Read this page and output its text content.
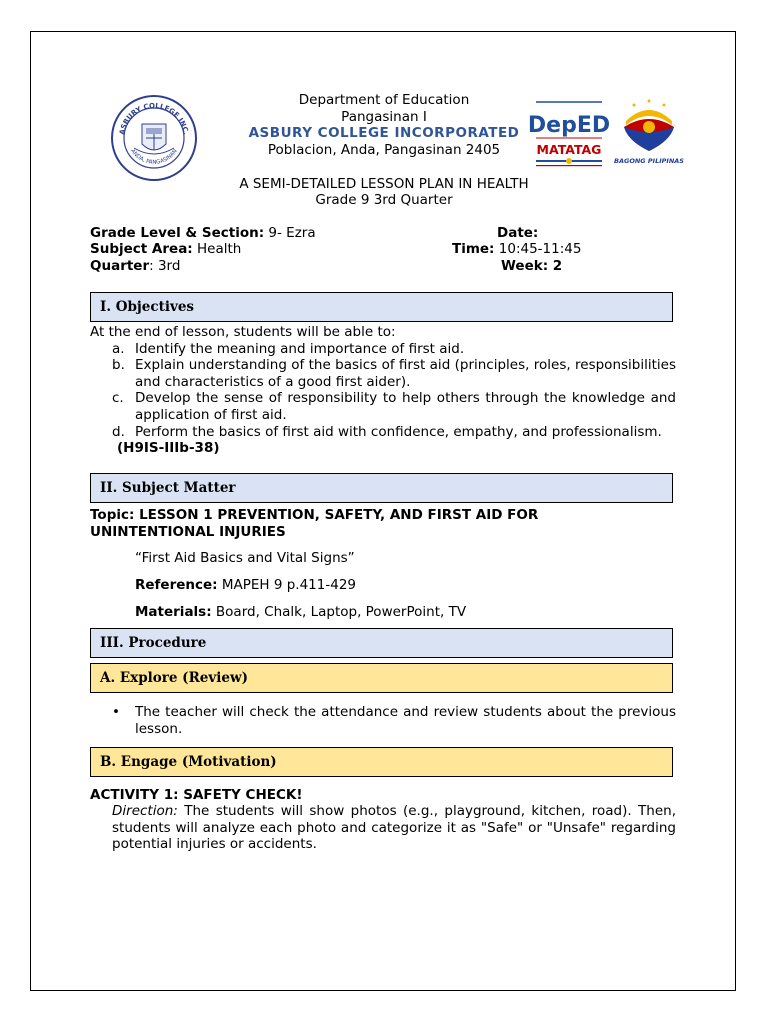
ASBURY COLLEGE INC.
ANDA, PANGASINAN
Department of Education
Pangasinan I
ASBURY COLLEGE INCORPORATED
Poblacion, Anda, Pangasinan 2405
DepED
MATATAG
BAGONG PILIPINAS
A SEMI-DETAILED LESSON PLAN IN HEALTH
Grade 9 3rd Quarter
Grade Level & Section: 9- Ezra
Subject Area: Health
Quarter: 3rd
Date:
Time: 10:45-11:45
Week: 2
I. Objectives
At the end of lesson, students will be able to:
a. Identify the meaning and importance of first aid.
b. Explain understanding of the basics of first aid (principles, roles, responsibilities and characteristics of a good first aider).
c. Develop the sense of responsibility to help others through the knowledge and application of first aid.
d. Perform the basics of first aid with confidence, empathy, and professionalism.
(H9IS-IIIb-38)
II. Subject Matter
Topic: LESSON 1 PREVENTION, SAFETY, AND FIRST AID FOR UNINTENTIONAL INJURIES
“First Aid Basics and Vital Signs”
Reference: MAPEH 9 p.411-429
Materials: Board, Chalk, Laptop, PowerPoint, TV
III. Procedure
A. Explore (Review)
• The teacher will check the attendance and review students about the previous lesson.
B. Engage (Motivation)
ACTIVITY 1: SAFETY CHECK!
Direction: The students will show photos (e.g., playground, kitchen, road). Then, students will analyze each photo and categorize it as "Safe" or "Unsafe" regarding potential injuries or accidents.
